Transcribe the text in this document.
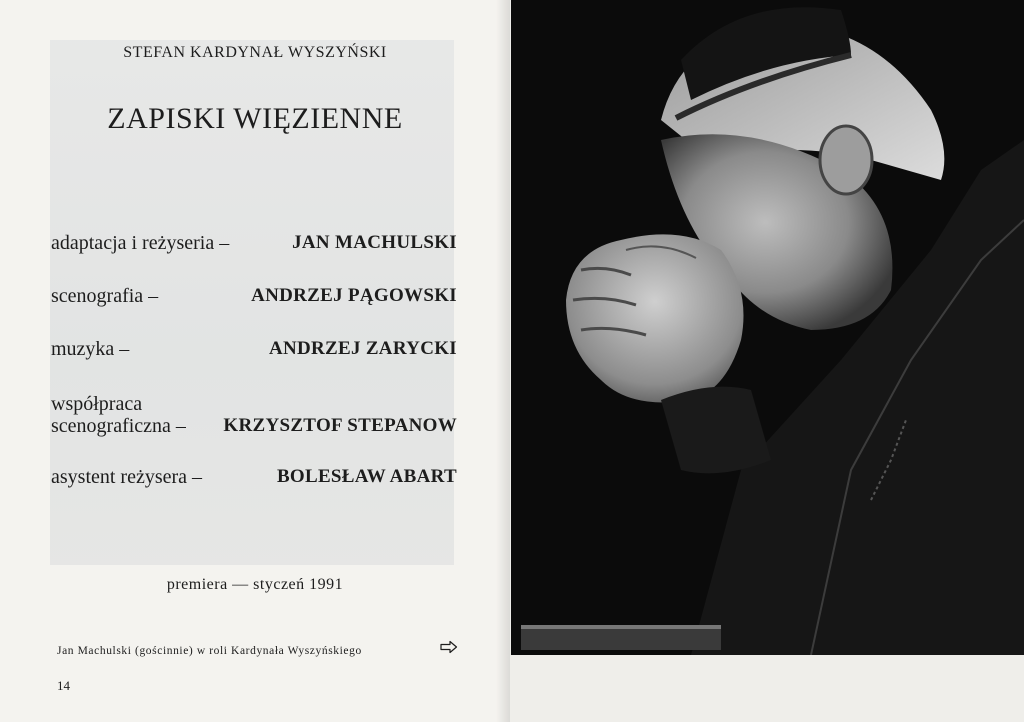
STEFAN KARDYNAŁ WYSZYŃSKI
ZAPISKI WIĘZIENNE
adaptacja i reżyseria –	JAN MACHULSKI
scenografia –	ANDRZEJ PĄGOWSKI
muzyka –	ANDRZEJ ZARYCKI
współpraca
scenograficzna – KRZYSZTOF STEPANOW
asystent reżysera –	BOLESŁAW ABART
premiera — styczeń 1991
Jan Machulski (gościnnie) w roli Kardynała Wyszyńskiego
14
